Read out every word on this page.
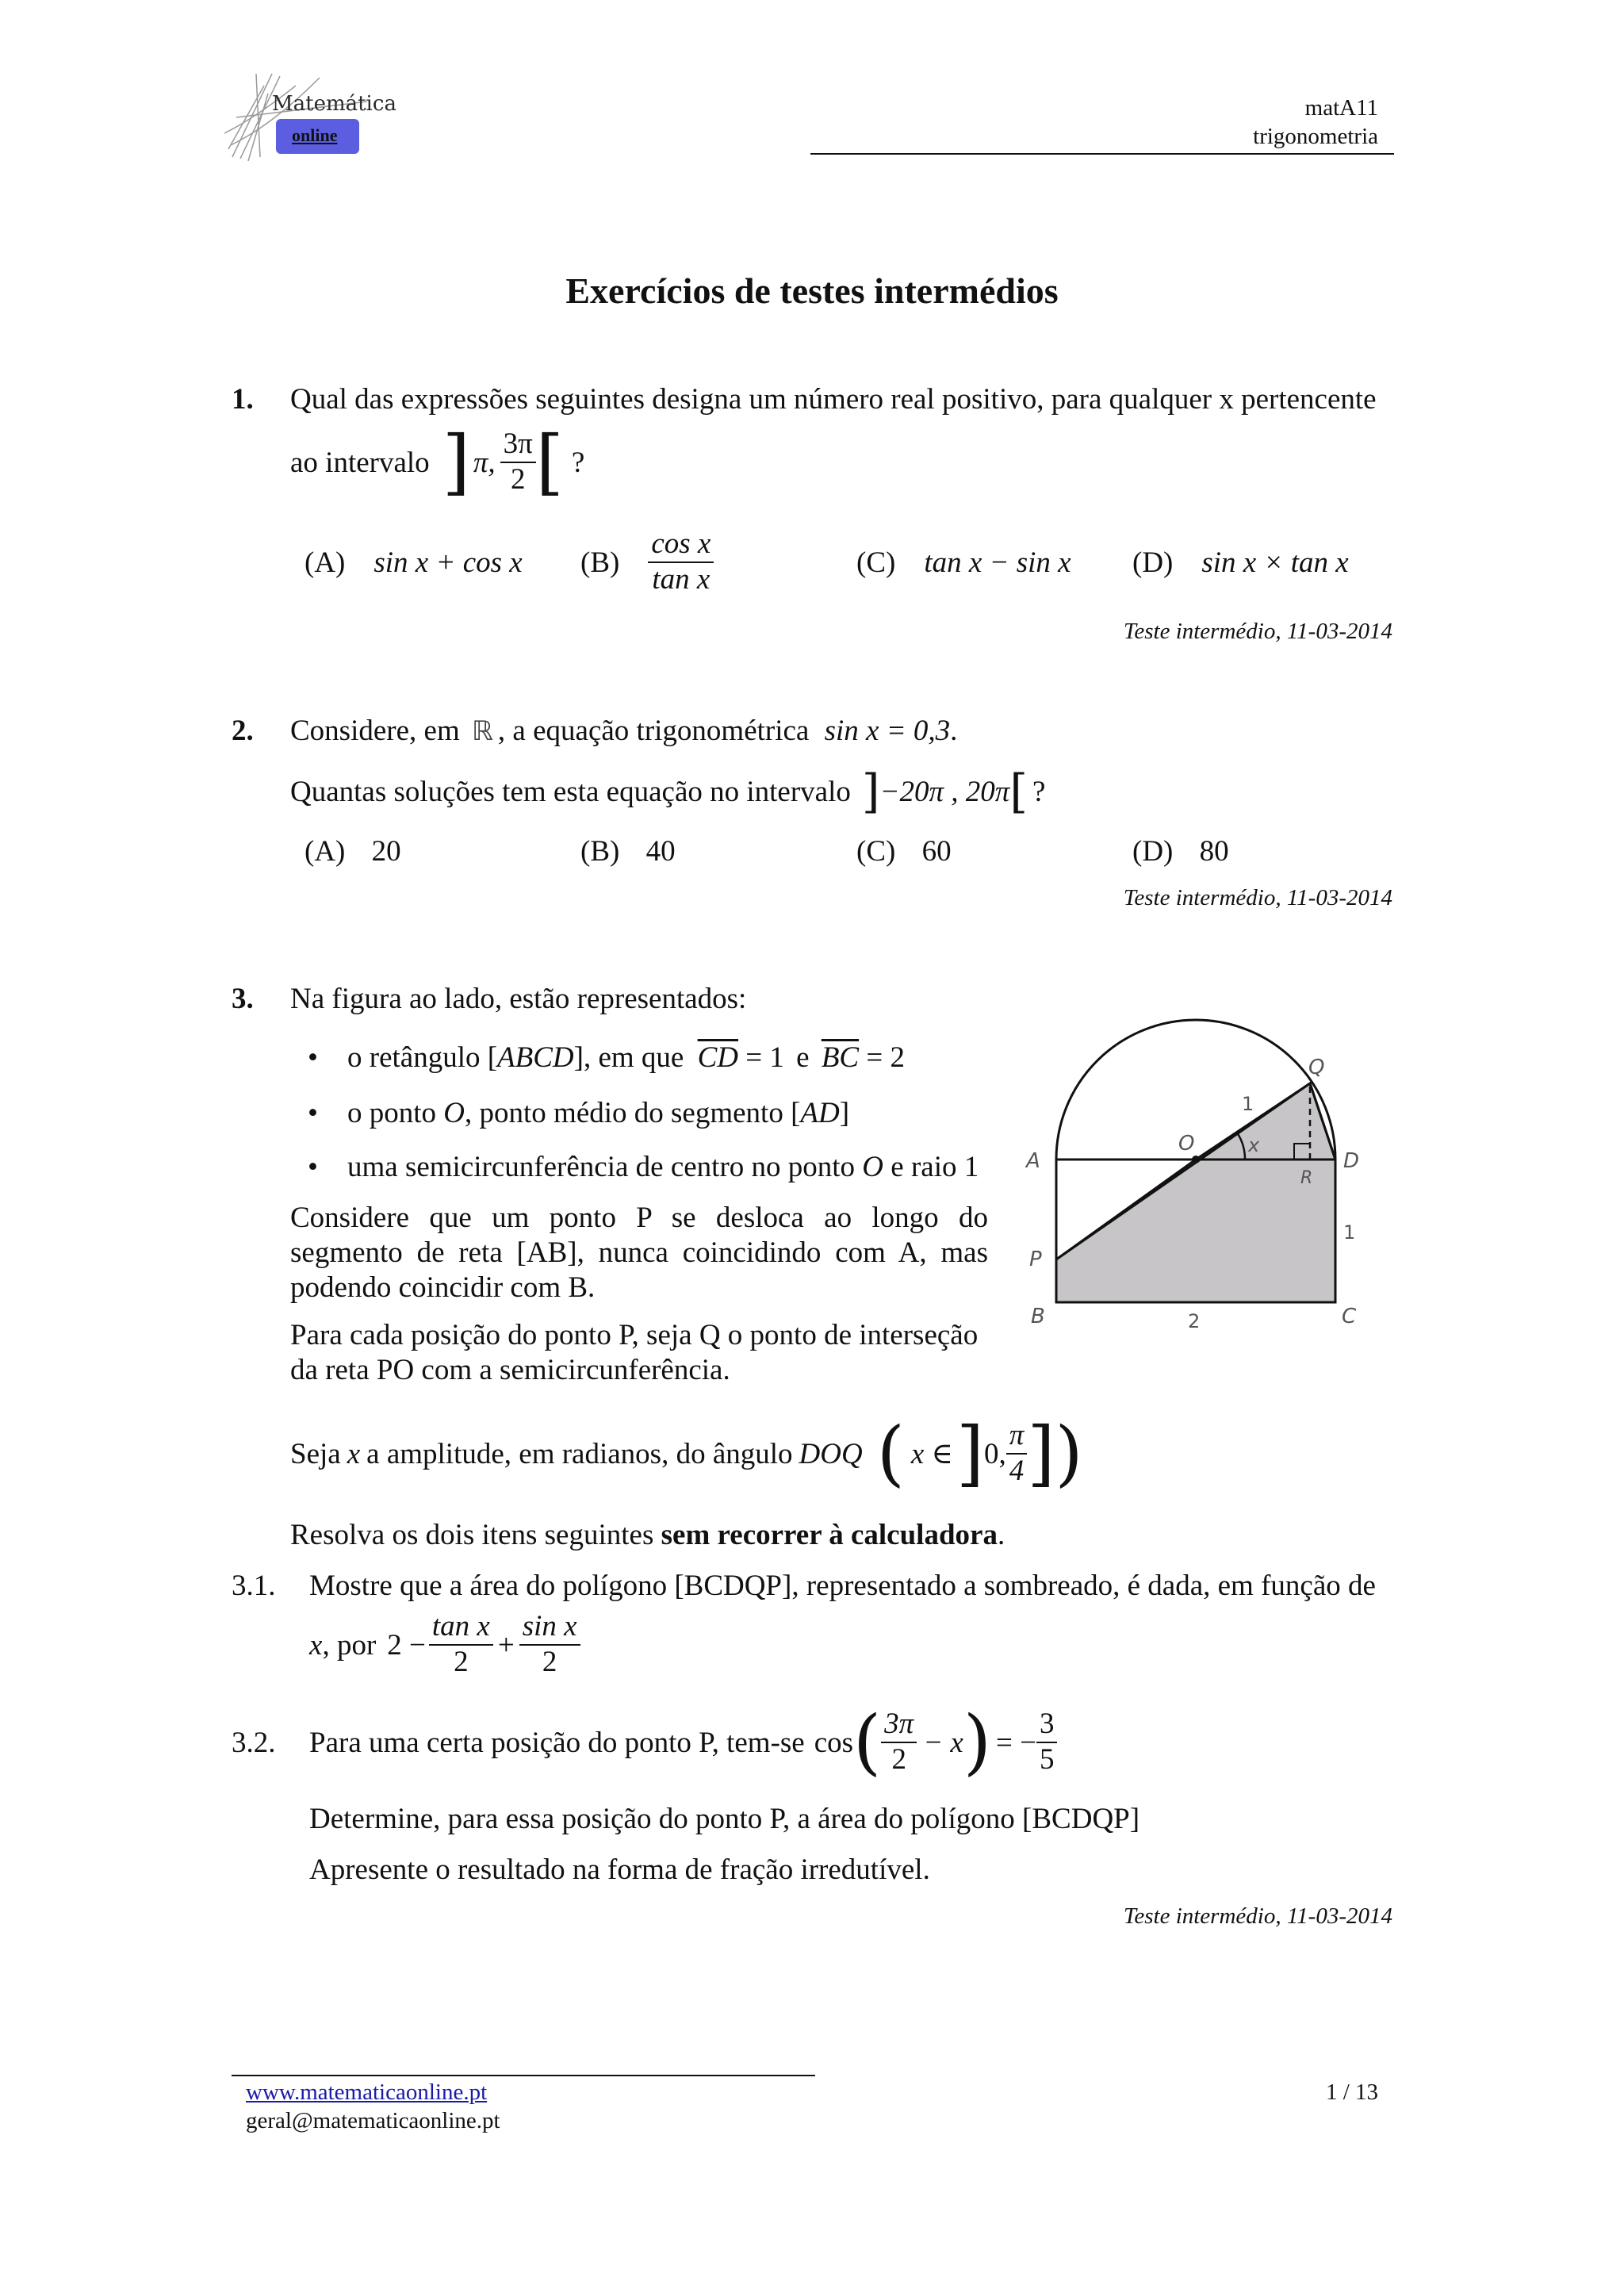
Matemática
online
matA11
trigonometria
Exercícios de testes intermédios
1. Qual das expressões seguintes designa um número real positivo, para qualquer x pertencente
ao intervalo ] π, $\frac{3\pi}{2}$ [ ?
(A) sin x + cos x $(B) \frac{\text{cos x}}{\text{tan x}}$	(C) tan x − sin x (D) sin x × tan x
Teste intermédio, 11-03-2014
2. Considere, em ℝ , a equação trigonométrica sin x = 0,3.
Quantas soluções tem esta equação no intervalo ] −20π , 20π [ ?
(A) 20	(B) 40	(C) 60	(D) 80
Teste intermédio, 11-03-2014
3. Na figura ao lado, estão representados:
• o retângulo [ABCD], em que $\overline{CD} = 1$ e $\overline{BC} = 2$
• o ponto O, ponto médio do segmento [AD]
• uma semicircunferência de centro no ponto O e raio 1
Considere que um ponto P se desloca ao longo do
segmento de reta [AB], nunca coincidindo com A, mas
podendo coincidir com B.
Para cada posição do ponto P, seja Q o ponto de interseção
da reta PO com a semicircunferência.
Seja x a amplitude, em radianos, do ângulo DOQ ( x ∈ ] 0, $\frac{\pi}{4}$ ] )
Resolva os dois itens seguintes sem recorrer à calculadora.
3.1. Mostre que a área do polígono [BCDQP], representado a sombreado, é dada, em função de
x , por $2 - \frac{\text{tan x}}{2} + \frac{\text{sin x}}{2}$
3.2. Para uma certa posição do ponto P, tem-se cos ( $\frac{3\pi}{2} - x$ ) = − $\frac{3}{5}$
Determine, para essa posição do ponto P, a área do polígono [BCDQP]
Apresente o resultado na forma de fração irredutível.
Teste intermédio, 11-03-2014
A
B	C
D
O
P
Q
R
x
1
1
2
www.matematicaonline.pt
geral@matematicaonline.pt
1 / 13
